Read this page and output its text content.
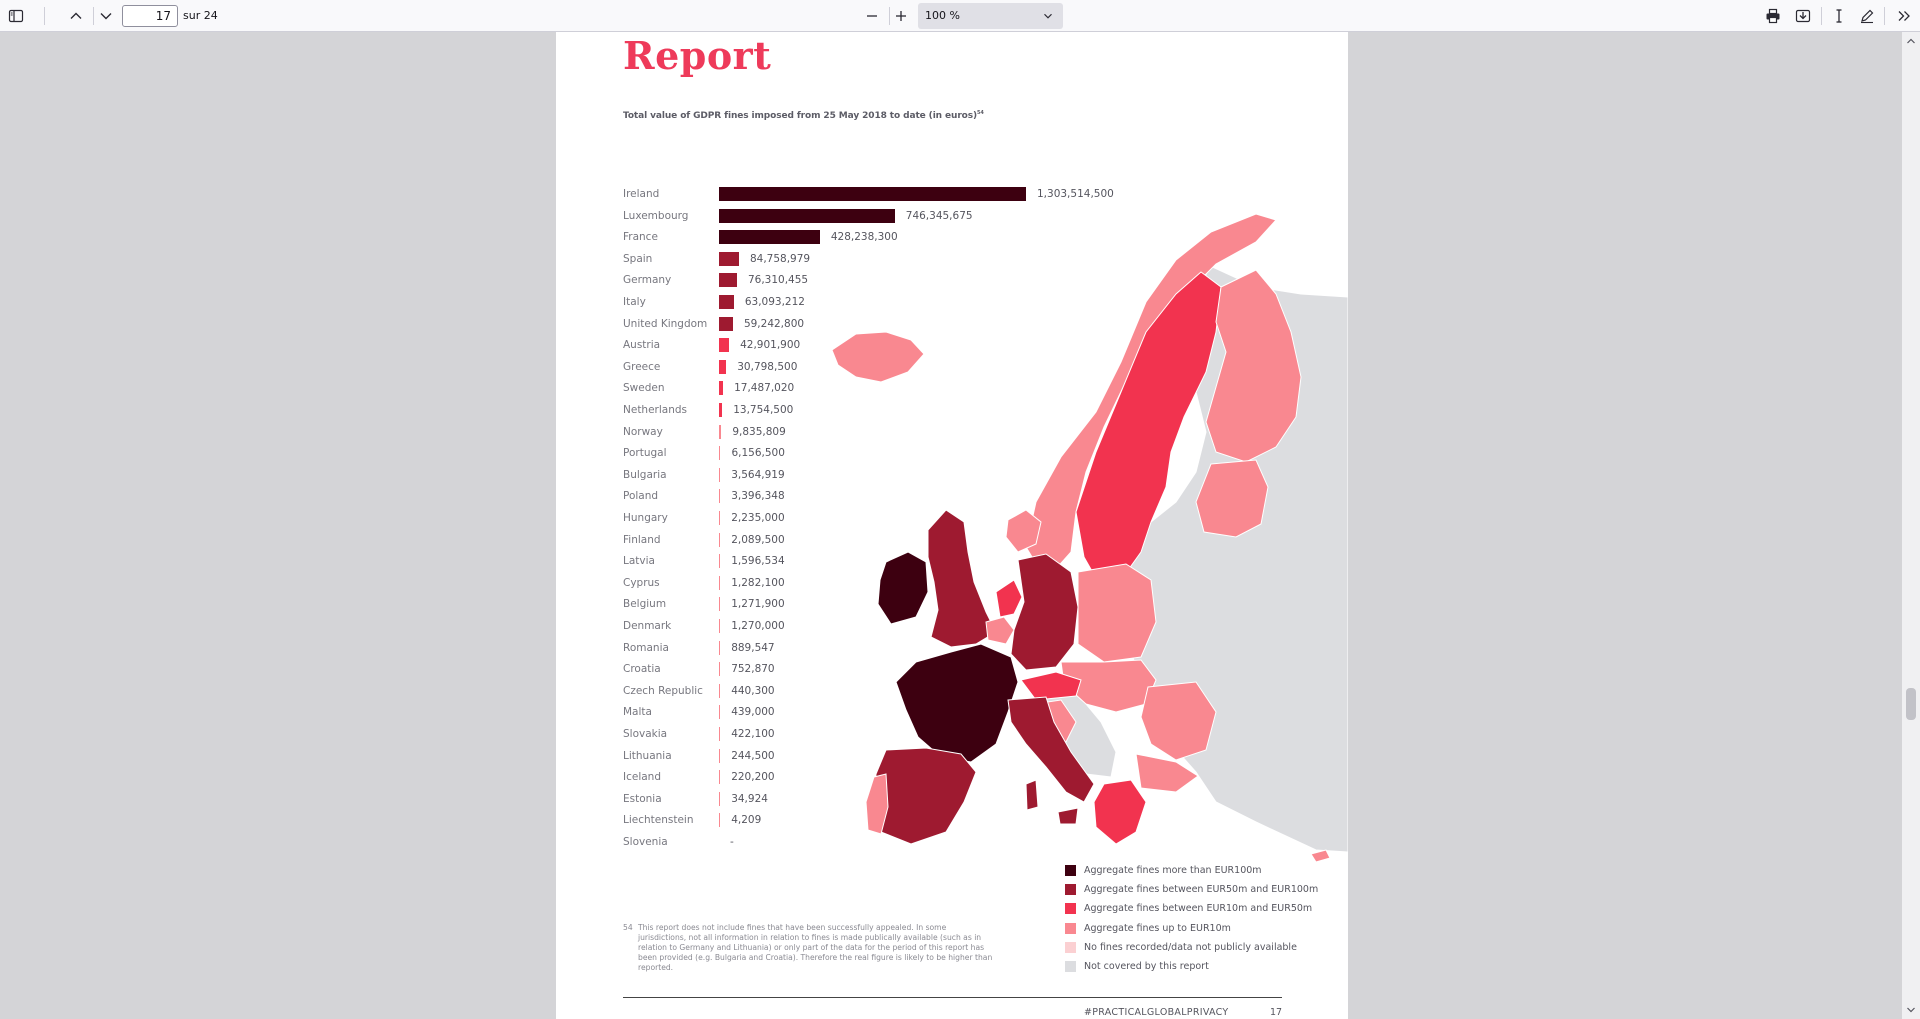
17
sur 24	100 %
Report
Total value of GDPR fines imposed from 25 May 2018 to date (in euros)$^{54}$
54 This report does not include fines that have been successfully appealed. In some jurisdictions, not all information in relation to fines is made publically available (such as in relation to Germany and Lithuania) or only part of the data for the period of this report has been provided (e.g. Bulgaria and Croatia). Therefore the real figure is likely to be higher than reported.
#PRACTICALGLOBALPRIVACY	17
Ireland	1,303,514,500
Luxembourg	746,345,675
France	428,238,300
Spain	84,758,979
Germany	76,310,455
Italy	63,093,212
United Kingdom	59,242,800
Austria	42,901,900
Greece	30,798,500
Sweden	17,487,020
Netherlands	13,754,500
Norway	9,835,809
Portugal	6,156,500
Bulgaria	3,564,919
Poland	3,396,348
Hungary	2,235,000
Finland	2,089,500
Latvia	1,596,534
Cyprus	1,282,100
Belgium	1,271,900
Denmark	1,270,000
Romania	889,547
Croatia	752,870
Czech Republic	440,300
Malta	439,000
Slovakia	422,100
Lithuania	244,500
Iceland	220,200
Estonia	34,924
Liechtenstein	4,209
Slovenia	-
Aggregate fines more than EUR100m
Aggregate fines between EUR50m and EUR100m
Aggregate fines between EUR10m and EUR50m
Aggregate fines up to EUR10m
No fines recorded/data not publicly available
Not covered by this report
